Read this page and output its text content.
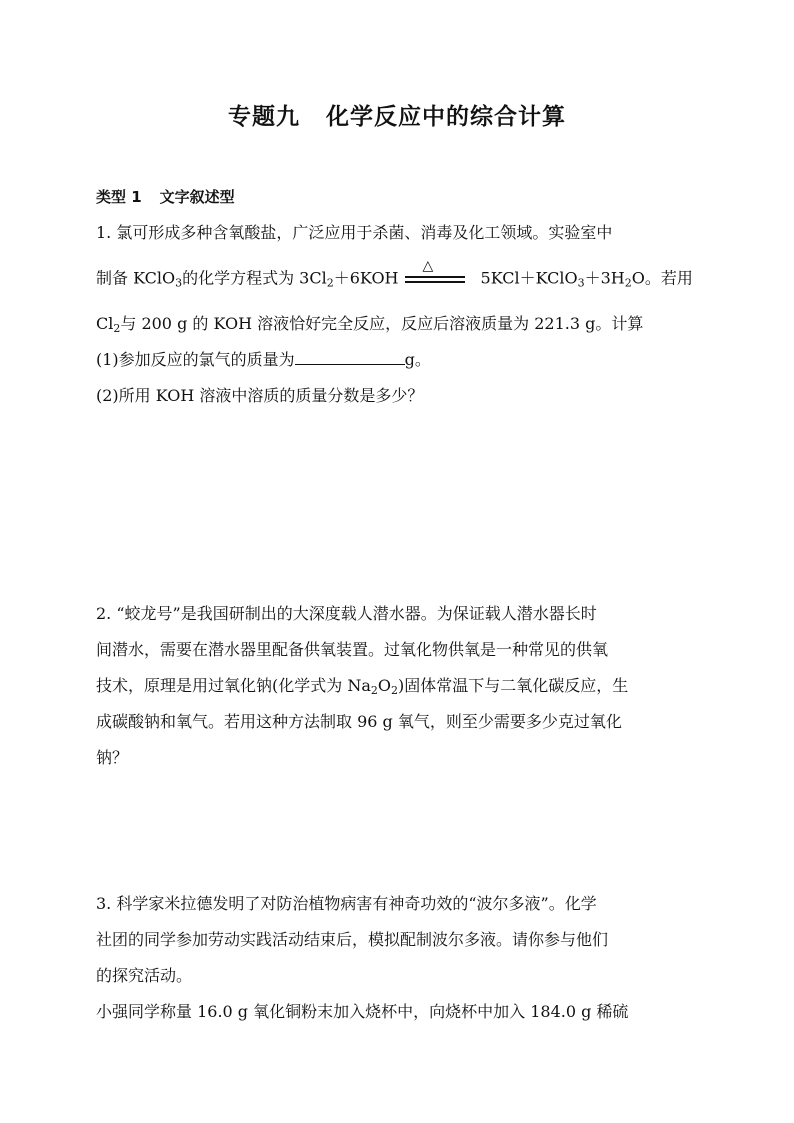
专题九 化学反应中的综合计算
类型 1 文字叙述型
1. 氯可形成多种含氧酸盐，广泛应用于杀菌、消毒及化工领域。实验室中
制备 KClO$_3$的化学方程式为 $3Cl_2+6KOH$
△
$5KCl+KClO_3+3H_2O$。若用
$Cl_2$与 200 g 的 KOH 溶液恰好完全反应，反应后溶液质量为 221.3 g。计算
(1)参加反应的氯气的质量为	g。
(2)所用 KOH 溶液中溶质的质量分数是多少？
2. “蛟龙号”是我国研制出的大深度载人潜水器。为保证载人潜水器长时
间潜水，需要在潜水器里配备供氧装置。过氧化物供氧是一种常见的供氧
技术，原理是用过氧化钠(化学式为 $Na_2O_2$)固体常温下与二氧化碳反应，生
成碳酸钠和氧气。若用这种方法制取 96 g 氧气，则至少需要多少克过氧化
钠？
3. 科学家米拉德发明了对防治植物病害有神奇功效的“波尔多液”。化学
社团的同学参加劳动实践活动结束后，模拟配制波尔多液。请你参与他们
的探究活动。
小强同学称量 16.0 g 氧化铜粉末加入烧杯中，向烧杯中加入 184.0 g 稀硫
